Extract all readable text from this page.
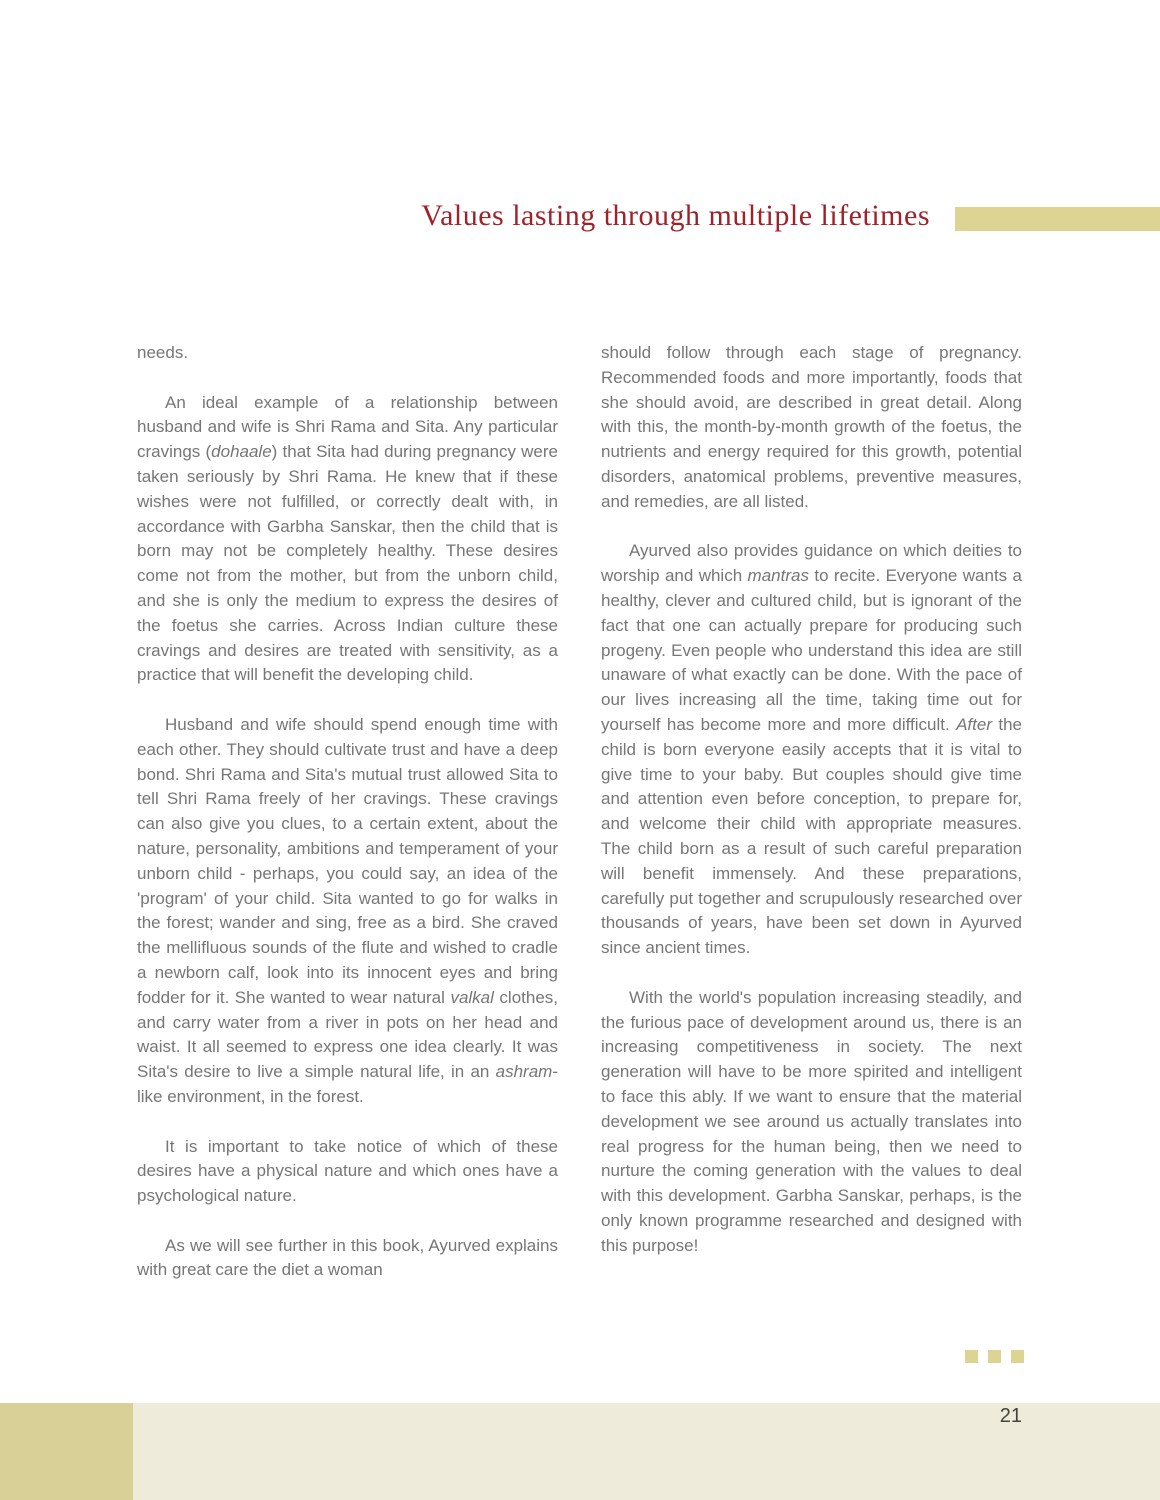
Values lasting through multiple lifetimes

needs.

An ideal example of a relationship between husband and wife is Shri Rama and Sita. Any particular cravings (dohaale) that Sita had during pregnancy were taken seriously by Shri Rama. He knew that if these wishes were not fulfilled, or correctly dealt with, in accordance with Garbha Sanskar, then the child that is born may not be completely healthy. These desires come not from the mother, but from the unborn child, and she is only the medium to express the desires of the foetus she carries. Across Indian culture these cravings and desires are treated with sensitivity, as a practice that will benefit the developing child.

Husband and wife should spend enough time with each other. They should cultivate trust and have a deep bond. Shri Rama and Sita's mutual trust allowed Sita to tell Shri Rama freely of her cravings. These cravings can also give you clues, to a certain extent, about the nature, personality, ambitions and temperament of your unborn child - perhaps, you could say, an idea of the 'program' of your child. Sita wanted to go for walks in the forest; wander and sing, free as a bird. She craved the mellifluous sounds of the flute and wished to cradle a newborn calf, look into its innocent eyes and bring fodder for it. She wanted to wear natural valkal clothes, and carry water from a river in pots on her head and waist. It all seemed to express one idea clearly. It was Sita's desire to live a simple natural life, in an ashram-like environment, in the forest.

It is important to take notice of which of these desires have a physical nature and which ones have a psychological nature.

As we will see further in this book, Ayurved explains with great care the diet a woman

should follow through each stage of pregnancy. Recommended foods and more importantly, foods that she should avoid, are described in great detail. Along with this, the month-by-month growth of the foetus, the nutrients and energy required for this growth, potential disorders, anatomical problems, preventive measures, and remedies, are all listed.

Ayurved also provides guidance on which deities to worship and which mantras to recite. Everyone wants a healthy, clever and cultured child, but is ignorant of the fact that one can actually prepare for producing such progeny. Even people who understand this idea are still unaware of what exactly can be done. With the pace of our lives increasing all the time, taking time out for yourself has become more and more difficult. After the child is born everyone easily accepts that it is vital to give time to your baby. But couples should give time and attention even before conception, to prepare for, and welcome their child with appropriate measures. The child born as a result of such careful preparation will benefit immensely. And these preparations, carefully put together and scrupulously researched over thousands of years, have been set down in Ayurved since ancient times.

With the world's population increasing steadily, and the furious pace of development around us, there is an increasing competitiveness in society. The next generation will have to be more spirited and intelligent to face this ably. If we want to ensure that the material development we see around us actually translates into real progress for the human being, then we need to nurture the coming generation with the values to deal with this development. Garbha Sanskar, perhaps, is the only known programme researched and designed with this purpose!

21
